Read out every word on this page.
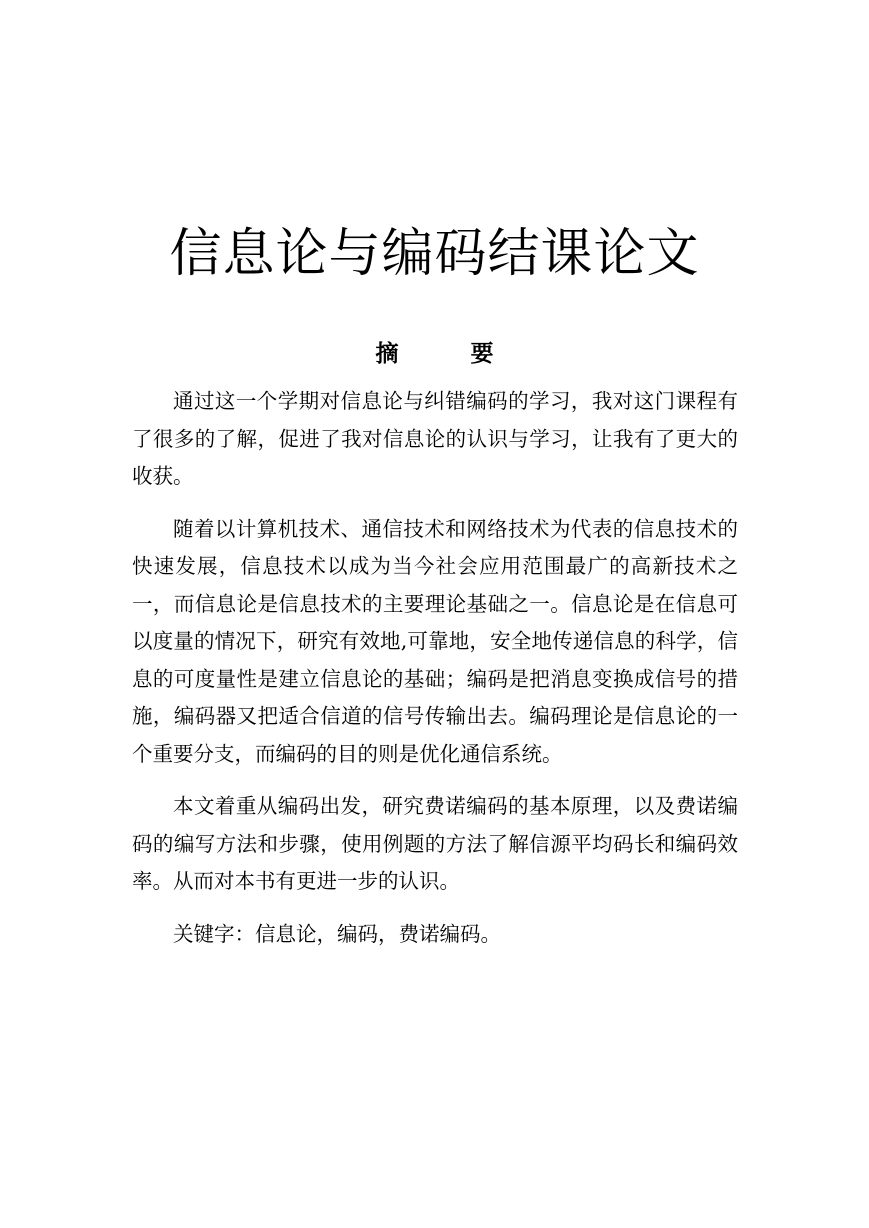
信息论与编码结课论文
摘	要

通过这一个学期对信息论与纠错编码的学习，我对这门课程有了很多的了解，促进了我对信息论的认识与学习，让我有了更大的收获。

随着以计算机技术、通信技术和网络技术为代表的信息技术的快速发展，信息技术以成为当今社会应用范围最广的高新技术之一，而信息论是信息技术的主要理论基础之一。信息论是在信息可以度量的情况下，研究有效地,可靠地，安全地传递信息的科学，信息的可度量性是建立信息论的基础；编码是把消息变换成信号的措施，编码器又把适合信道的信号传输出去。编码理论是信息论的一个重要分支，而编码的目的则是优化通信系统。

本文着重从编码出发，研究费诺编码的基本原理，以及费诺编码的编写方法和步骤，使用例题的方法了解信源平均码长和编码效率。从而对本书有更进一步的认识。

关键字：信息论，编码，费诺编码。
